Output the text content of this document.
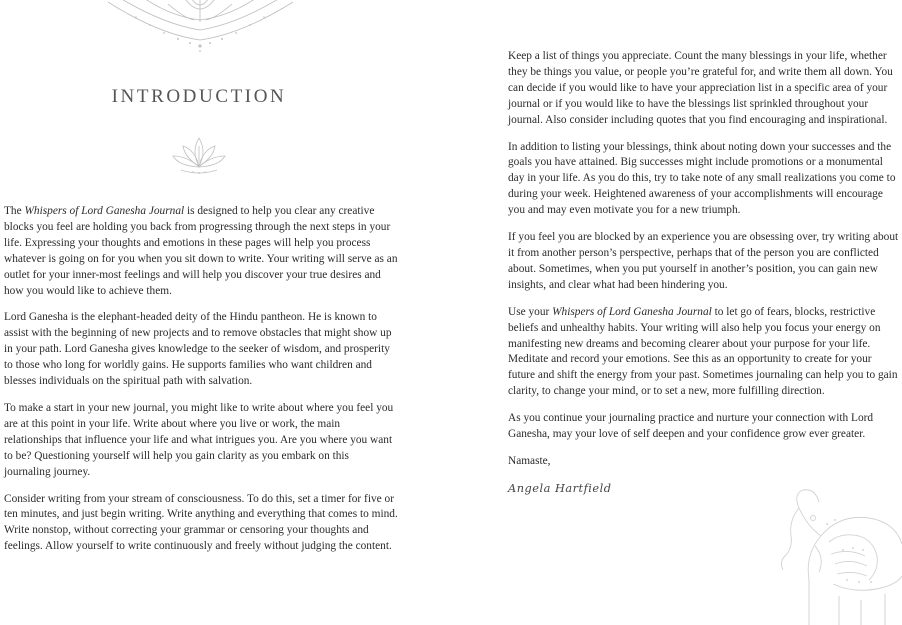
INTRODUCTION

The Whispers of Lord Ganesha Journal is designed to help you clear any creative blocks you feel are holding you back from progressing through the next steps in your life. Expressing your thoughts and emotions in these pages will help you process whatever is going on for you when you sit down to write. Your writing will serve as an outlet for your inner-most feelings and will help you discover your true desires and how you would like to achieve them.

Lord Ganesha is the elephant-headed deity of the Hindu pantheon. He is known to assist with the beginning of new projects and to remove obstacles that might show up in your path. Lord Ganesha gives knowledge to the seeker of wisdom, and prosperity to those who long for worldly gains. He supports families who want children and blesses individuals on the spiritual path with salvation.

To make a start in your new journal, you might like to write about where you feel you are at this point in your life. Write about where you live or work, the main relationships that influence your life and what intrigues you. Are you where you want to be? Questioning yourself will help you gain clarity as you embark on this journaling journey.

Consider writing from your stream of consciousness. To do this, set a timer for five or ten minutes, and just begin writing. Write anything and everything that comes to mind. Write nonstop, without correcting your grammar or censoring your thoughts and feelings. Allow yourself to write continuously and freely without judging the content.

Keep a list of things you appreciate. Count the many blessings in your life, whether they be things you value, or people you’re grateful for, and write them all down. You can decide if you would like to have your appreciation list in a specific area of your journal or if you would like to have the blessings list sprinkled throughout your journal. Also consider including quotes that you find encouraging and inspirational.

In addition to listing your blessings, think about noting down your successes and the goals you have attained. Big successes might include promotions or a monumental day in your life. As you do this, try to take note of any small realizations you come to during your week. Heightened awareness of your accomplishments will encourage you and may even motivate you for a new triumph.

If you feel you are blocked by an experience you are obsessing over, try writing about it from another person’s perspective, perhaps that of the person you are conflicted about. Sometimes, when you put yourself in another’s position, you can gain new insights, and clear what had been hindering you.

Use your Whispers of Lord Ganesha Journal to let go of fears, blocks, restrictive beliefs and unhealthy habits. Your writing will also help you focus your energy on manifesting new dreams and becoming clearer about your purpose for your life. Meditate and record your emotions. See this as an opportunity to create for your future and shift the energy from your past. Sometimes journaling can help you to gain clarity, to change your mind, or to set a new, more fulfilling direction.

As you continue your journaling practice and nurture your connection with Lord Ganesha, may your love of self deepen and your confidence grow ever greater.

Namaste,

Angela Hartfield
